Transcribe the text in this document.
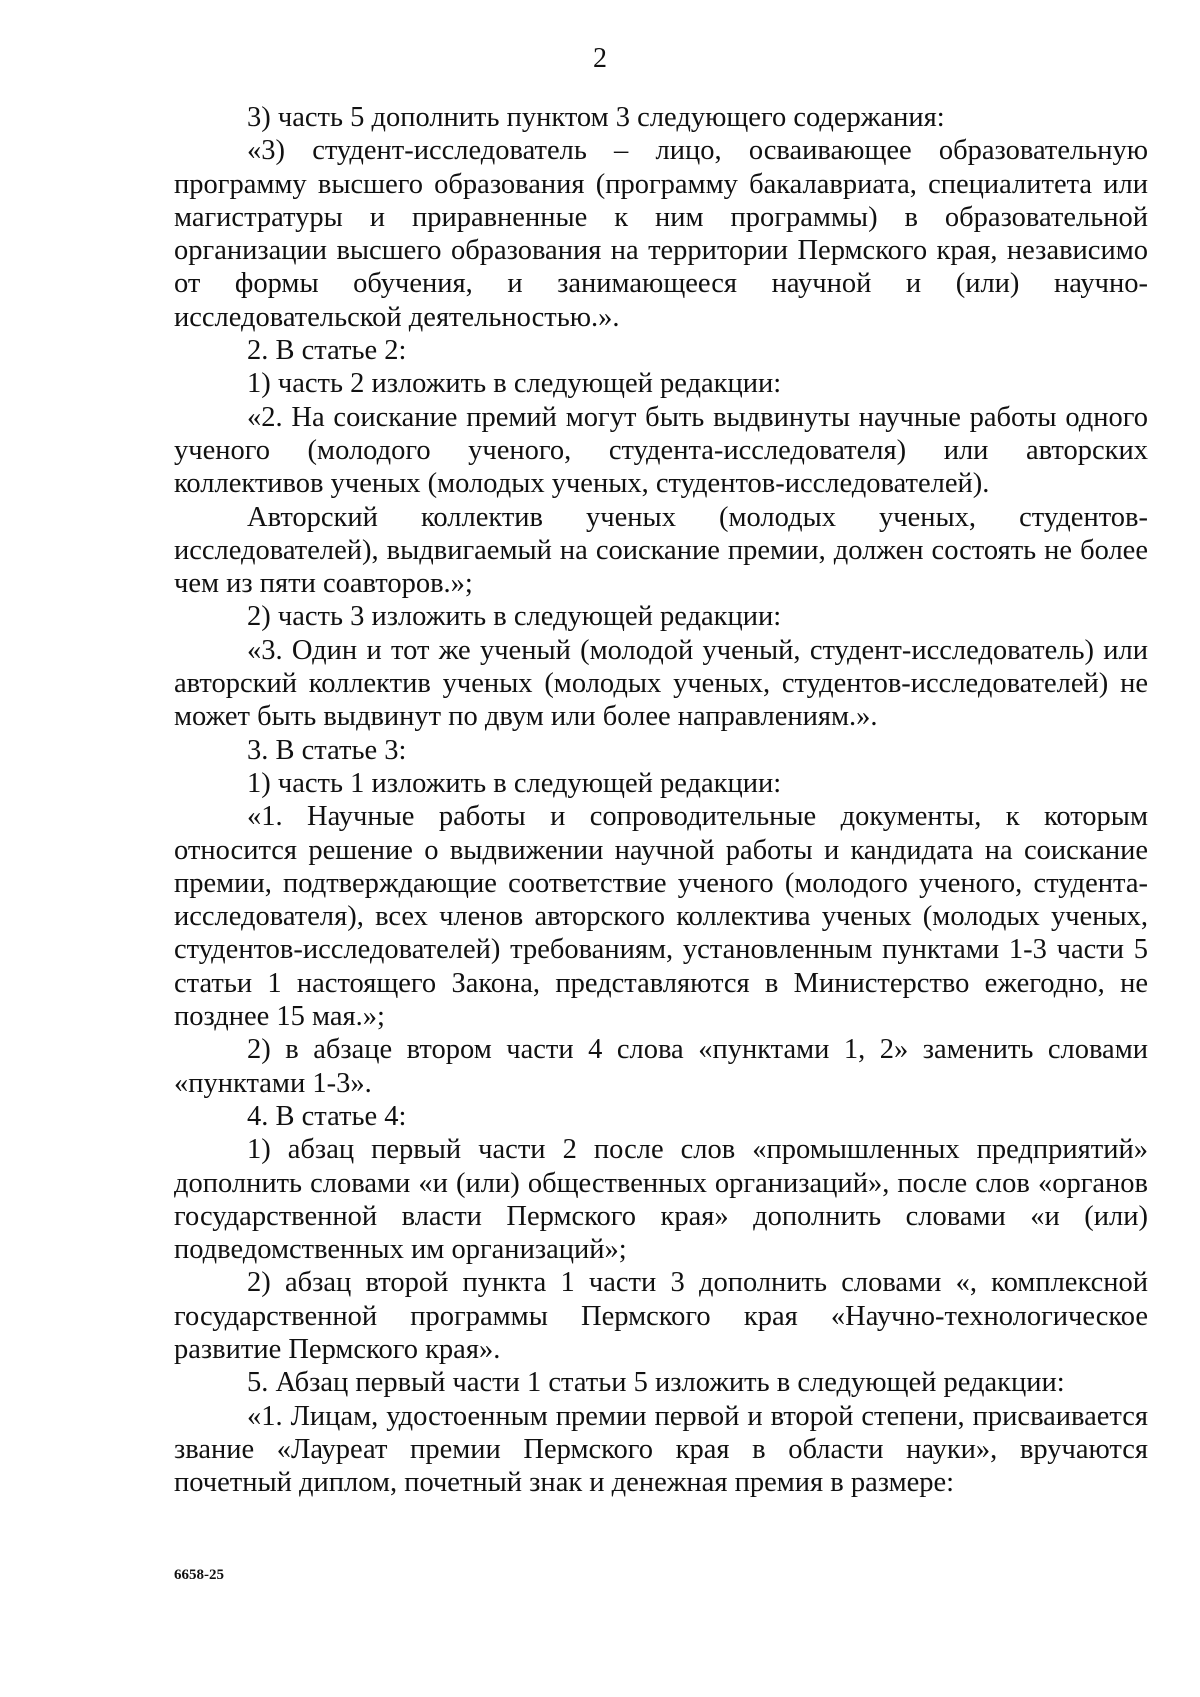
2

3) часть 5 дополнить пунктом 3 следующего содержания:

«3) студент-исследователь – лицо, осваивающее образовательную программу высшего образования (программу бакалавриата, специалитета или магистратуры и приравненные к ним программы) в образовательной организации высшего образования на территории Пермского края, независимо от формы обучения, и занимающееся научной и (или) научно-исследовательской деятельностью.».

2. В статье 2:

1) часть 2 изложить в следующей редакции:

«2. На соискание премий могут быть выдвинуты научные работы одного ученого (молодого ученого, студента-исследователя) или авторских коллективов ученых (молодых ученых, студентов-исследователей).

Авторский коллектив ученых (молодых ученых, студентов-исследователей), выдвигаемый на соискание премии, должен состоять не более чем из пяти соавторов.»;

2) часть 3 изложить в следующей редакции:

«3. Один и тот же ученый (молодой ученый, студент-исследователь) или авторский коллектив ученых (молодых ученых, студентов-исследователей) не может быть выдвинут по двум или более направлениям.».

3. В статье 3:

1) часть 1 изложить в следующей редакции:

«1. Научные работы и сопроводительные документы, к которым относится решение о выдвижении научной работы и кандидата на соискание премии, подтверждающие соответствие ученого (молодого ученого, студента-исследователя), всех членов авторского коллектива ученых (молодых ученых, студентов-исследователей) требованиям, установленным пунктами 1-3 части 5 статьи 1 настоящего Закона, представляются в Министерство ежегодно, не позднее 15 мая.»;

2) в абзаце втором части 4 слова «пунктами 1, 2» заменить словами «пунктами 1-3».

4. В статье 4:

1) абзац первый части 2 после слов «промышленных предприятий» дополнить словами «и (или) общественных организаций», после слов «органов государственной власти Пермского края» дополнить словами «и (или) подведомственных им организаций»;

2) абзац второй пункта 1 части 3 дополнить словами «, комплексной государственной программы Пермского края «Научно-технологическое развитие Пермского края».

5. Абзац первый части 1 статьи 5 изложить в следующей редакции:

«1. Лицам, удостоенным премии первой и второй степени, присваивается звание «Лауреат премии Пермского края в области науки», вручаются почетный диплом, почетный знак и денежная премия в размере:

6658-25
